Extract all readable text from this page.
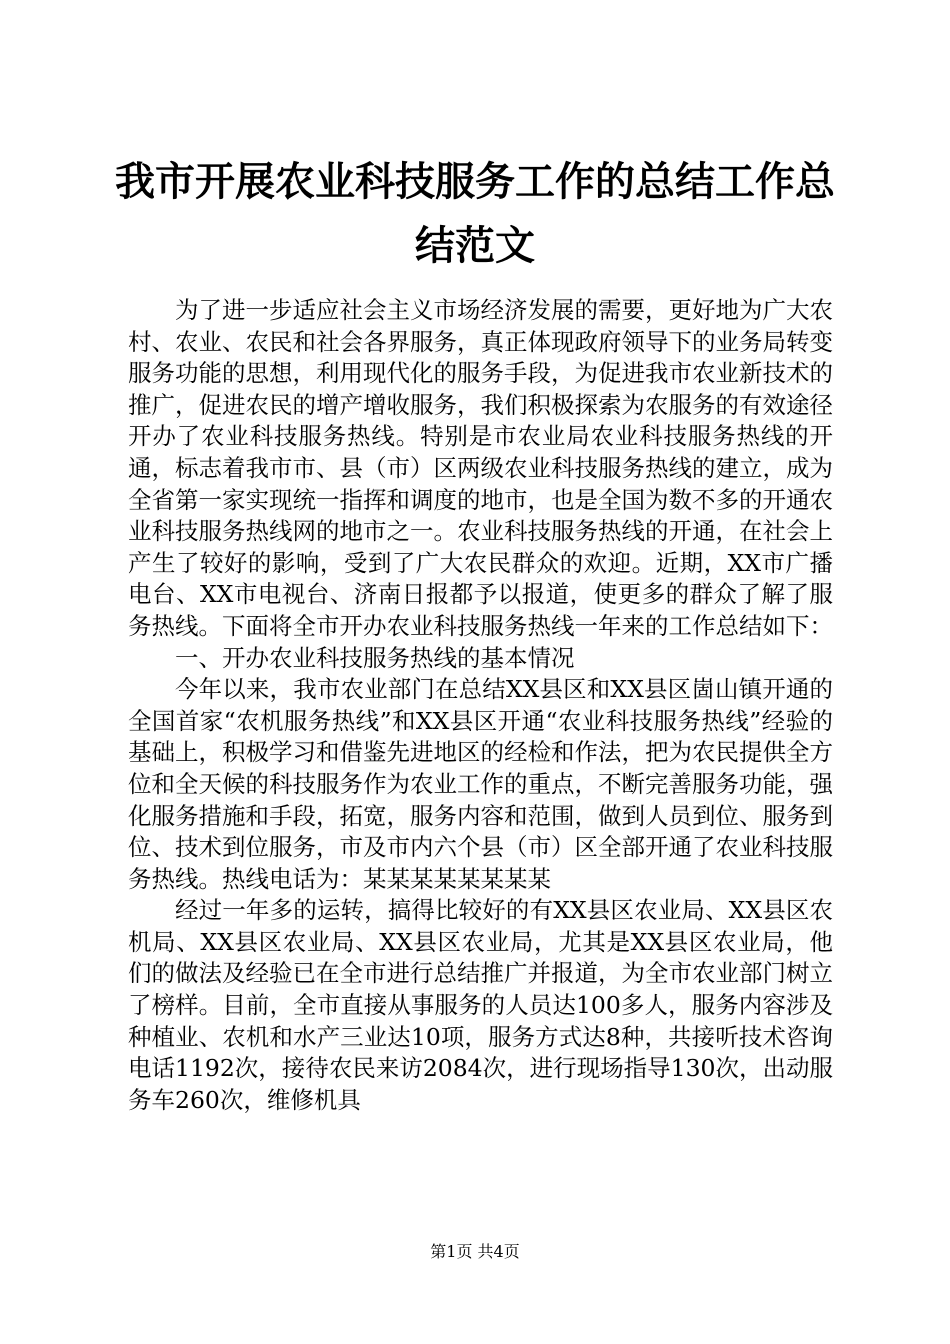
我市开展农业科技服务工作的总结工作总结范文

为了进一步适应社会主义市场经济发展的需要，更好地为广大农村、农业、农民和社会各界服务，真正体现政府领导下的业务局转变服务功能的思想，利用现代化的服务手段，为促进我市农业新技术的推广，促进农民的增产增收服务，我们积极探索为农服务的有效途径开办了农业科技服务热线。特别是市农业局农业科技服务热线的开通，标志着我市市、县（市）区两级农业科技服务热线的建立，成为全省第一家实现统一指挥和调度的地市，也是全国为数不多的开通农业科技服务热线网的地市之一。农业科技服务热线的开通，在社会上产生了较好的影响，受到了广大农民群众的欢迎。近期，XX市广播电台、XX市电视台、济南日报都予以报道，使更多的群众了解了服务热线。下面将全市开办农业科技服务热线一年来的工作总结如下：

一、开办农业科技服务热线的基本情况

今年以来，我市农业部门在总结XX县区和XX县区崮山镇开通的全国首家“农机服务热线”和XX县区开通“农业科技服务热线”经验的基础上，积极学习和借鉴先进地区的经检和作法，把为农民提供全方位和全天候的科技服务作为农业工作的重点，不断完善服务功能，强化服务措施和手段，拓宽，服务内容和范围，做到人员到位、服务到位、技术到位服务，市及市内六个县（市）区全部开通了农业科技服务热线。热线电话为：某某某某某某某某

经过一年多的运转，搞得比较好的有XX县区农业局、XX县区农机局、XX县区农业局、XX县区农业局，尤其是XX县区农业局，他们的做法及经验已在全市进行总结推广并报道，为全市农业部门树立了榜样。目前，全市直接从事服务的人员达100多人，服务内容涉及种植业、农机和水产三业达10项，服务方式达8种，共接听技术咨询电话1192次，接待农民来访2084次，进行现场指导130次，出动服务车260次，维修机具

第1页 共4页
